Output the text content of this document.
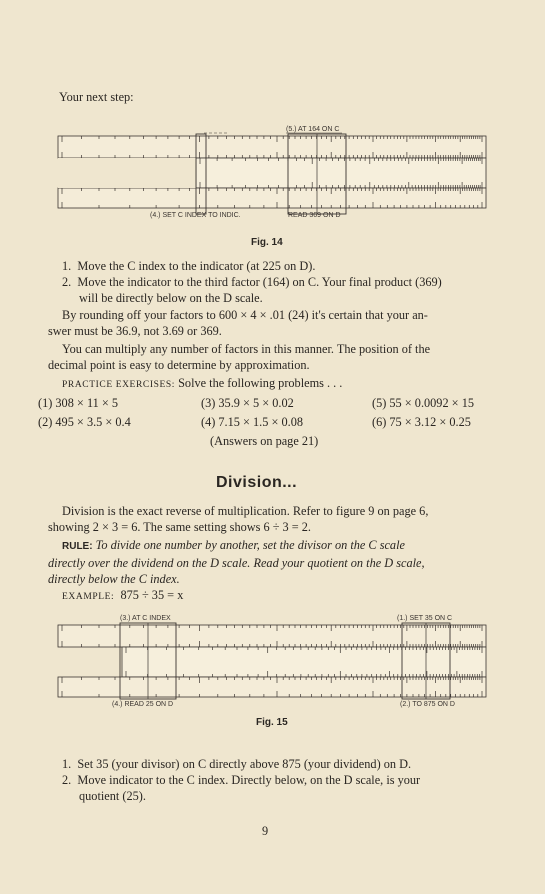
Your next step:
(5.) AT 164 ON C
(4.) SET C INDEX TO INDIC.	READ 369 ON D
Fig. 14
1. Move the C index to the indicator (at 225 on D).
2. Move the indicator to the third factor (164) on C. Your final product (369)
will be directly below on the D scale.
By rounding off your factors to 600 × 4 × .01 (24) it's certain that your an-
swer must be 36.9, not 3.69 or 369.
You can multiply any number of factors in this manner. The position of the
decimal point is easy to determine by approximation.
PRACTICE EXERCISES: Solve the following problems . . .
(1) 308 × 11 × 5	(3) 35.9 × 5 × 0.02	(5) 55 × 0.0092 × 15
(2) 495 × 3.5 × 0.4	(4) 7.15 × 1.5 × 0.08	(6) 75 × 3.12 × 0.25
(Answers on page 21)
Division...
Division is the exact reverse of multiplication. Refer to figure 9 on page 6,
showing 2 × 3 = 6. The same setting shows 6 ÷ 3 = 2.
RULE: To divide one number by another, set the divisor on the C scale
directly over the dividend on the D scale. Read your quotient on the D scale,
directly below the C index.
EXAMPLE: 875 ÷ 35 = x
(3.) AT C INDEX	(1.) SET 35 ON C
(4.) READ 25 ON D	(2.) TO 875 ON D
Fig. 15
1. Set 35 (your divisor) on C directly above 875 (your dividend) on D.
2. Move indicator to the C index. Directly below, on the D scale, is your
quotient (25).
9
